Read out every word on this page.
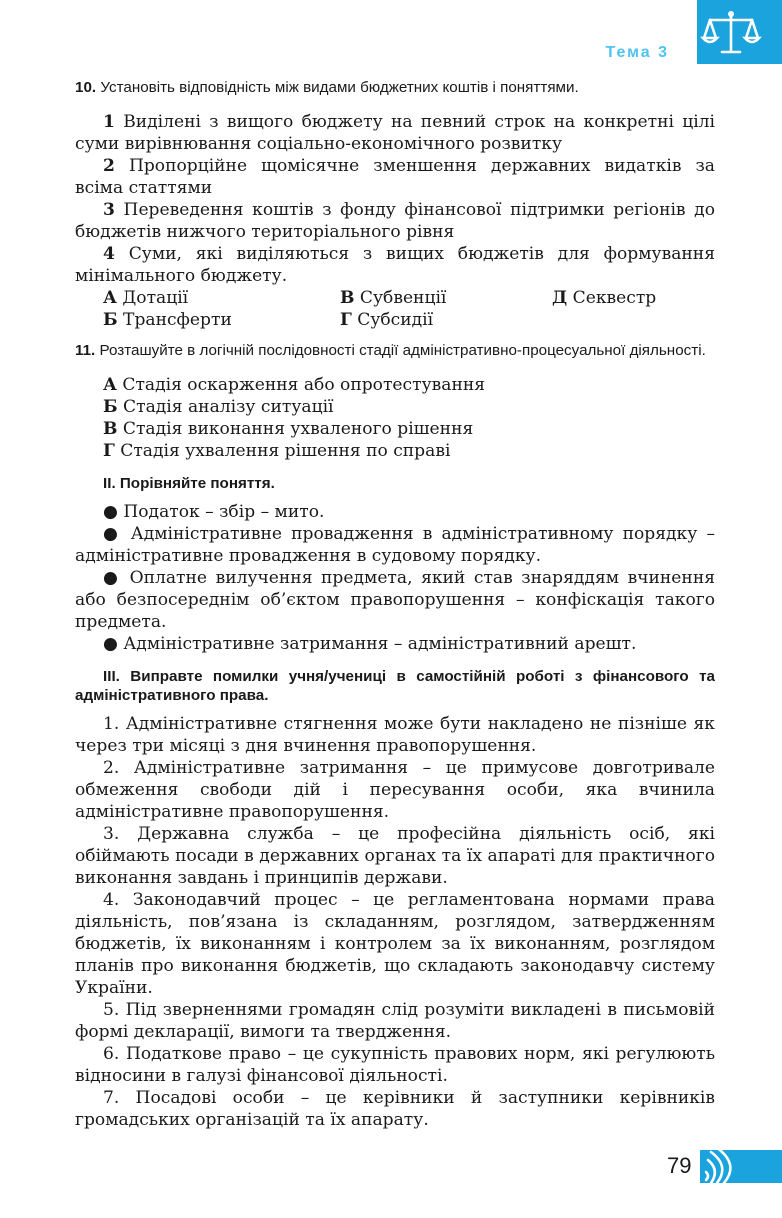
Тема 3

10. Установіть відповідність між видами бюджетних коштів і поняттями.

1 Виділені з вищого бюджету на певний строк на конкретні цілі суми вирівнювання соціально-економічного розвитку

2 Пропорційне щомісячне зменшення державних видатків за всіма статтями

3 Переведення коштів з фонду фінансової підтримки регіонів до бюджетів нижчого територіального рівня

4 Суми, які виділяються з вищих бюджетів для формування мінімального бюджету.

А Дотації	В Субвенції	Д Секвестр
Б Трансферти	Г Субсидії

11. Розташуйте в логічній послідовності стадії адміністративно-процесуальної діяльності.

А Стадія оскарження або опротестування

Б Стадія аналізу ситуації

В Стадія виконання ухваленого рішення

Г Стадія ухвалення рішення по справі

ІІ. Порівняйте поняття.

● Податок – збір – мито.

● Адміністративне провадження в адміністративному порядку – адміністративне провадження в судовому порядку.

● Оплатне вилучення предмета, який став знаряддям вчинення або безпосереднім об’єктом правопорушення – конфіскація такого предмета.

● Адміністративне затримання – адміністративний арешт.

ІІІ. Виправте помилки учня/учениці в самостійній роботі з фінансового та адміністративного права.

1. Адміністративне стягнення може бути накладено не пізніше як через три місяці з дня вчинення правопорушення.

2. Адміністративне затримання – це примусове довготривале обмеження свободи дій і пересування особи, яка вчинила адміністративне правопорушення.

3. Державна служба – це професійна діяльність осіб, які обіймають посади в державних органах та їх апараті для практичного виконання завдань і принципів держави.

4. Законодавчий процес – це регламентована нормами права діяльність, пов’язана із складанням, розглядом, затвердженням бюджетів, їх виконанням і контролем за їх виконанням, розглядом планів про виконання бюджетів, що складають законодавчу систему України.

5. Під зверненнями громадян слід розуміти викладені в письмовій формі декларації, вимоги та твердження.

6. Податкове право – це сукупність правових норм, які регулюють відносини в галузі фінансової діяльності.

7. Посадові особи – це керівники й заступники керівників громадських організацій та їх апарату.

79
